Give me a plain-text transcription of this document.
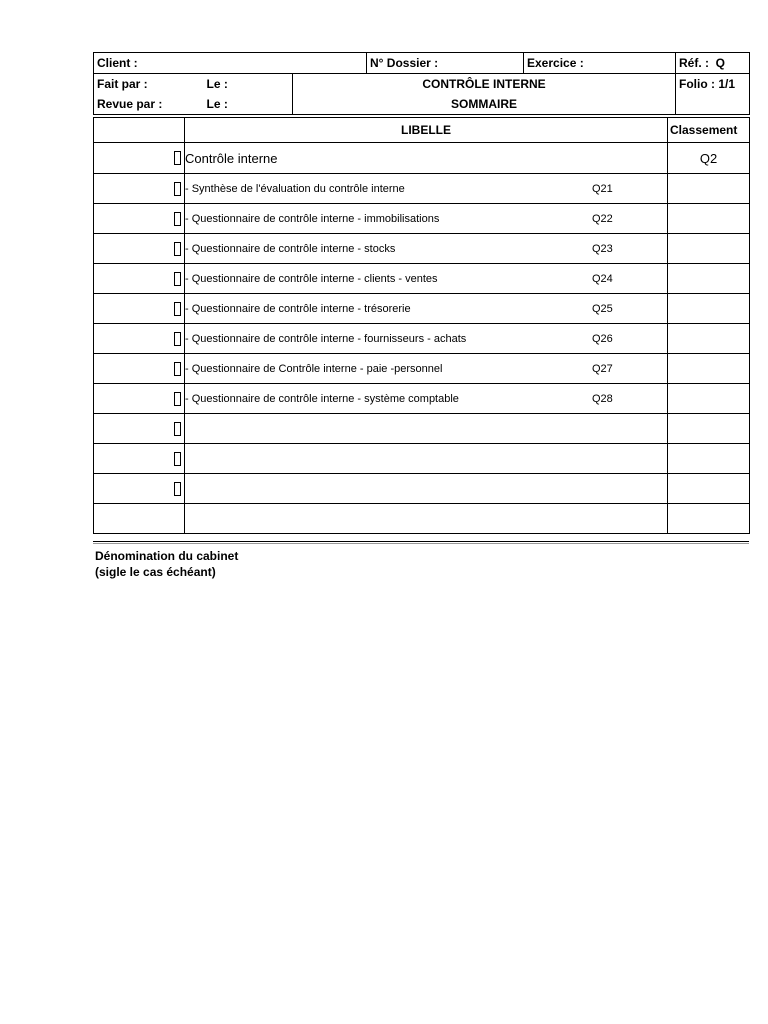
Client :			N° Dossier :	Exercice :	Réf. : Q
Fait par :	Le :	CONTRÔLE INTERNE			Folio : 1/1
Revue par :	Le :	SOMMAIRE			
	LIBELLE	Classement

	Contrôle interne	Q2

	- Synthèse de l'évaluation du contrôle interne Q21	

	- Questionnaire de contrôle interne - immobilisations Q22	

	- Questionnaire de contrôle interne - stocks Q23	

	- Questionnaire de contrôle interne - clients - ventes Q24	

	- Questionnaire de contrôle interne - trésorerie Q25	

	- Questionnaire de contrôle interne - fournisseurs - achats Q26	

	- Questionnaire de Contrôle interne - paie -personnel Q27	

	- Questionnaire de contrôle interne - système comptable Q28	

Dénomination du cabinet
(sigle le cas échéant)
